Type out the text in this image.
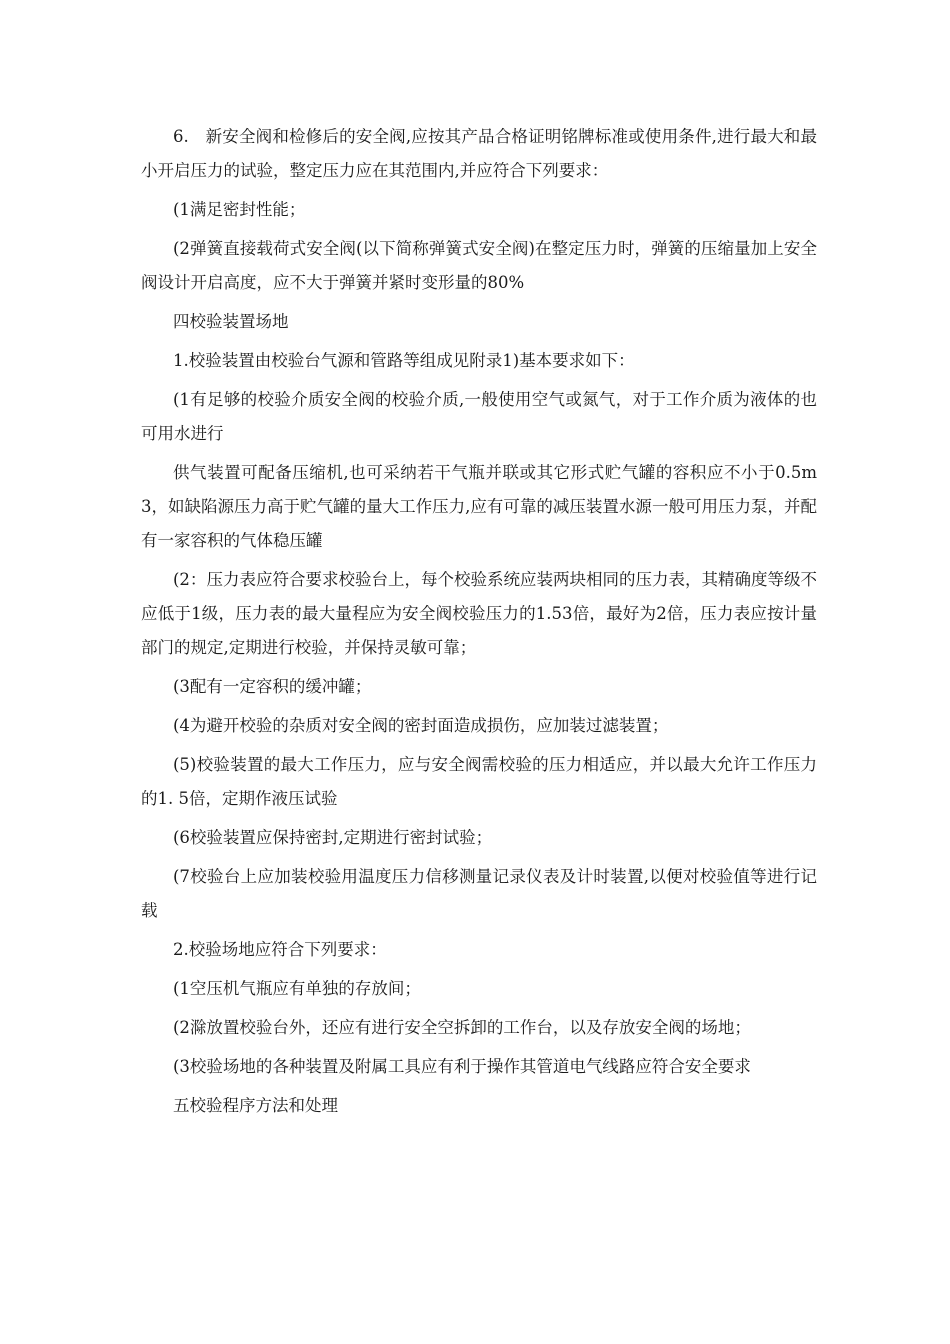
6.　新安全阀和检修后的安全阀,应按其产品合格证明铭牌标准或使用条件,进行最大和最小开启压力的试验，整定压力应在其范围内,并应符合下列要求：

(1满足密封性能；

(2弹簧直接载荷式安全阀(以下简称弹簧式安全阀)在整定压力时，弹簧的压缩量加上安全阀设计开启高度，应不大于弹簧并紧时变形量的80%

四校验装置场地

1.校验装置由校验台气源和管路等组成见附录1)基本要求如下：

(1有足够的校验介质安全阀的校验介质,一般使用空气或氮气，对于工作介质为液体的也可用水进行

供气装置可配备压缩机,也可采纳若干气瓶并联或其它形式贮气罐的容积应不小于0.5m3，如缺陷源压力高于贮气罐的量大工作压力,应有可靠的减压装置水源一般可用压力泵，并配有一家容积的气体稳压罐

(2：压力表应符合要求校验台上，每个校验系统应装两块相同的压力表，其精确度等级不应低于1级，压力表的最大量程应为安全阀校验压力的1.53倍，最好为2倍，压力表应按计量部门的规定,定期进行校验，并保持灵敏可靠；

(3配有一定容积的缓冲罐；

(4为避开校验的杂质对安全阀的密封面造成损伤，应加装过滤装置；

(5)校验装置的最大工作压力，应与安全阀需校验的压力相适应，并以最大允许工作压力的1. 5倍，定期作液压试验

(6校验装置应保持密封,定期进行密封试验；

(7校验台上应加装校验用温度压力信移测量记录仪表及计时装置,以便对校验值等进行记载

2.校验场地应符合下列要求：

(1空压机气瓶应有单独的存放间；

(2滁放置校验台外，还应有进行安全空拆卸的工作台，以及存放安全阀的场地；

(3校验场地的各种装置及附属工具应有利于操作其管道电气线路应符合安全要求

五校验程序方法和处理
